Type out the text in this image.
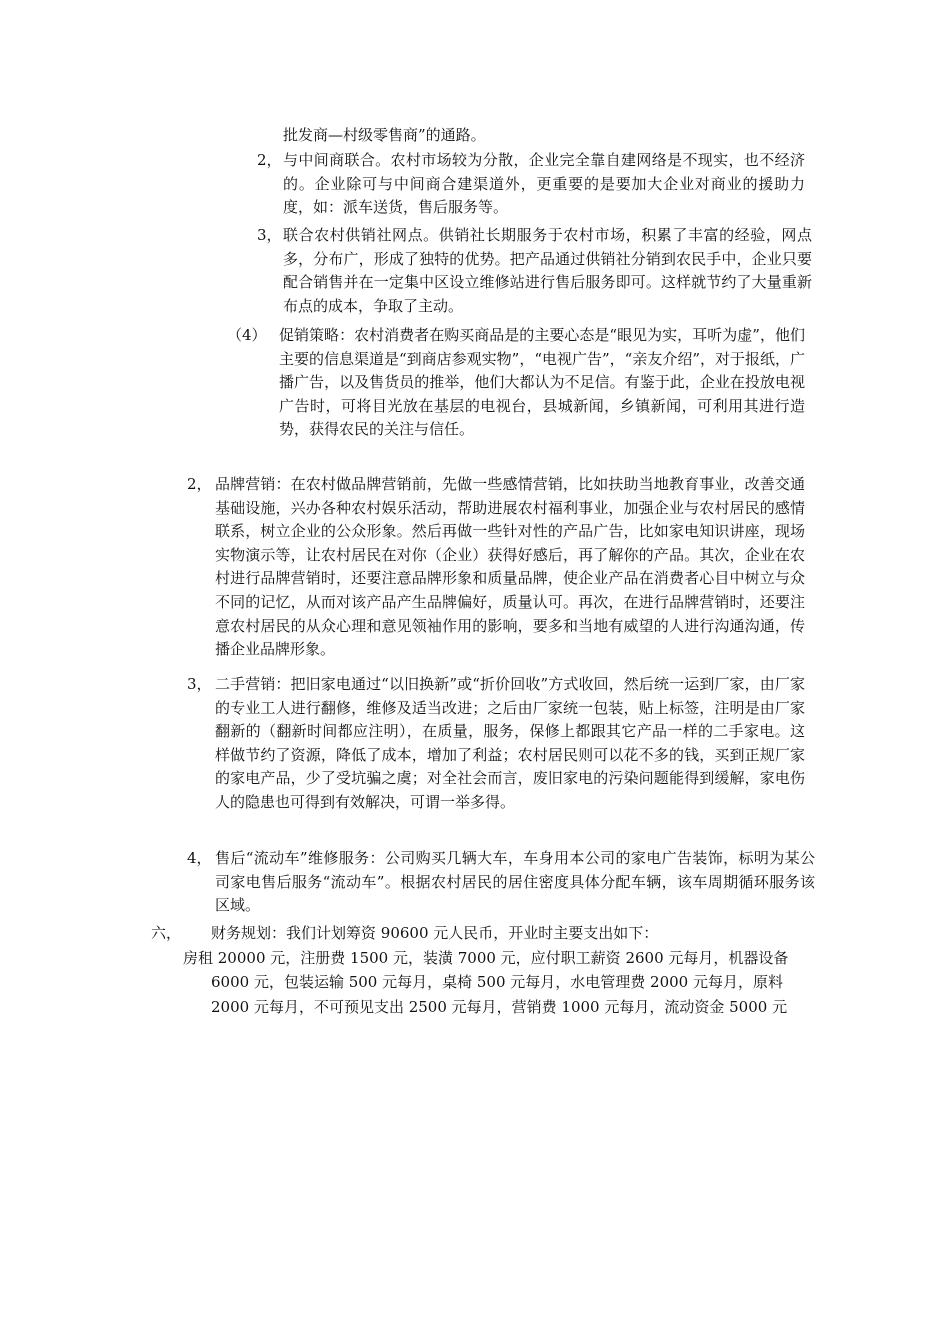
批发商—村级零售商”的通路。
2， 与中间商联合。农村市场较为分散，企业完全靠自建网络是不现实，也不经济的。企业除可与中间商合建渠道外，更重要的是要加大企业对商业的援助力度，如：派车送货，售后服务等。
3， 联合农村供销社网点。供销社长期服务于农村市场，积累了丰富的经验，网点多，分布广，形成了独特的优势。把产品通过供销社分销到农民手中，企业只要配合销售并在一定集中区设立维修站进行售后服务即可。这样就节约了大量重新布点的成本，争取了主动。
（4） 促销策略：农村消费者在购买商品是的主要心态是“眼见为实，耳听为虚”，他们主要的信息渠道是“到商店参观实物”，“电视广告”，“亲友介绍”，对于报纸，广播广告，以及售货员的推举，他们大都认为不足信。有鉴于此，企业在投放电视广告时，可将目光放在基层的电视台，县城新闻，乡镇新闻，可利用其进行造势，获得农民的关注与信任。
2， 品牌营销：在农村做品牌营销前，先做一些感情营销，比如扶助当地教育事业，改善交通基础设施，兴办各种农村娱乐活动，帮助进展农村福利事业，加强企业与农村居民的感情联系，树立企业的公众形象。然后再做一些针对性的产品广告，比如家电知识讲座，现场实物演示等，让农村居民在对你（企业）获得好感后，再了解你的产品。其次，企业在农村进行品牌营销时，还要注意品牌形象和质量品牌，使企业产品在消费者心目中树立与众不同的记忆，从而对该产品产生品牌偏好，质量认可。再次，在进行品牌营销时，还要注意农村居民的从众心理和意见领袖作用的影响，要多和当地有威望的人进行沟通沟通，传播企业品牌形象。
3， 二手营销：把旧家电通过“以旧换新”或“折价回收”方式收回，然后统一运到厂家，由厂家的专业工人进行翻修，维修及适当改进；之后由厂家统一包装，贴上标签，注明是由厂家翻新的（翻新时间都应注明），在质量，服务，保修上都跟其它产品一样的二手家电。这样做节约了资源，降低了成本，增加了利益；农村居民则可以花不多的钱，买到正规厂家的家电产品，少了受坑骗之虞；对全社会而言，废旧家电的污染问题能得到缓解，家电伤人的隐患也可得到有效解决，可谓一举多得。
4， 售后“流动车”维修服务：公司购买几辆大车，车身用本公司的家电广告装饰，标明为某公司家电售后服务“流动车”。根据农村居民的居住密度具体分配车辆，该车周期循环服务该区域。
六， 财务规划：我们计划筹资 90600 元人民币，开业时主要支出如下：
房租 20000 元，注册费 1500 元，装潢 7000 元，应付职工薪资 2600 元每月，机器设备
6000 元，包装运输 500 元每月，桌椅 500 元每月，水电管理费 2000 元每月，原料
2000 元每月，不可预见支出 2500 元每月，营销费 1000 元每月，流动资金 5000 元
